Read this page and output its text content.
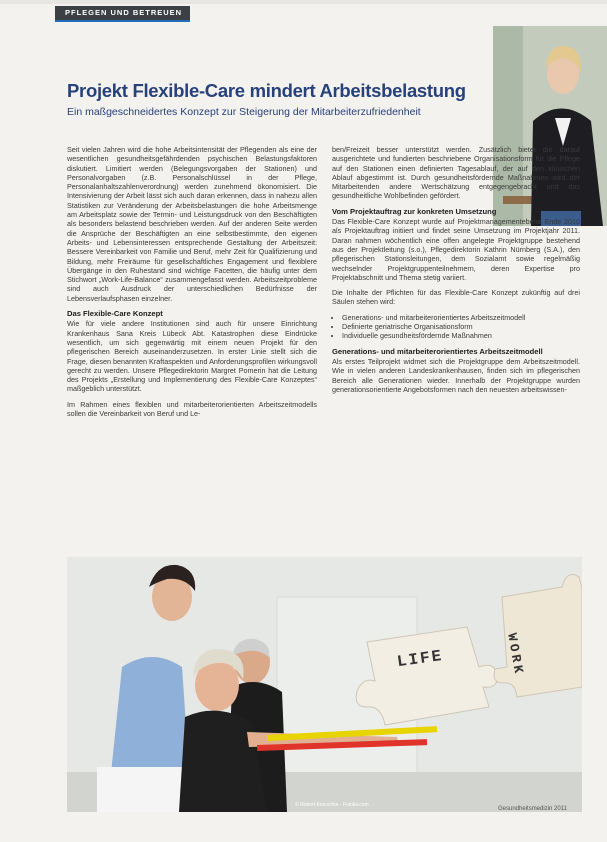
PFLEGEN UND BETREUEN
Projekt Flexible-Care mindert Arbeitsbelastung
Ein maßgeschneidertes Konzept zur Steigerung der Mitarbeiterzufriedenheit

Seit vielen Jahren wird die hohe Arbeitsintensität der Pflegenden als eine der wesentlichen gesundheitsgefährdenden psychischen Belastungsfaktoren diskutiert. Limitiert werden (Belegungsvorgaben der Stationen) und Personalvorgaben (z.B. Personalschlüssel in der Pflege, Personalanhaltszahlenverordnung) werden zunehmend ökonomisiert. Die Intensivierung der Arbeit lässt sich auch daran erkennen, dass in nahezu allen Statistiken zur Veränderung der Arbeitsbelastungen die hohe Arbeitsmenge am Arbeitsplatz sowie der Termin- und Leistungsdruck von den Beschäftigten als besonders belastend beschrieben werden. Auf der anderen Seite werden die Ansprüche der Beschäftigten an eine selbstbestimmte, den eigenen Arbeits- und Lebensinteressen entsprechende Gestaltung der Arbeitszeit: Bessere Vereinbarkeit von Familie und Beruf, mehr Zeit für Qualifizierung und Bildung, mehr Freiräume für gesellschaftliches Engagement und flexiblere Übergänge in den Ruhestand sind wichtige Facetten, die häufig unter dem Stichwort „Work-Life-Balance“ zusammengefasst werden. Arbeitszeitprobleme sind auch Ausdruck der unterschiedlichen Bedürfnisse der Lebensverlaufsphasen einzelner.

Das Flexible-Care Konzept

Wie für viele andere Institutionen sind auch für unsere Einrichtung Krankenhaus Sana Kreis Lübeck Abt. Katastrophen diese Eindrücke wesentlich, um sich gegenwärtig mit einem neuen Projekt für den pflegerischen Bereich auseinanderzusetzen. In erster Linie stellt sich die Frage, diesen benannten Kraftaspekten und Anforderungsprofilen wirkungsvoll gerecht zu werden. Unsere Pflegedirektorin Margret Pomerin hat die Leitung des Projekts „Erstellung und Implementierung des Flexible-Care Konzeptes“ maßgeblich unterstützt.

Im Rahmen eines flexiblen und mitarbeiterorientierten Arbeitszeitmodells sollen die Vereinbarkeit von Beruf und Le-

ben/Freizeit besser unterstützt werden. Zusätzlich bietet die darauf ausgerichtete und fundierten beschriebene Organisationsform für die Pflege auf den Stationen einen definierten Tagesablauf, der auf den klinischen Ablauf abgestimmt ist. Durch gesundheitsfördernde Maßnahmen wird der Mitarbeitenden andere Wertschätzung entgegengebracht und das gesundheitliche Wohlbefinden gefördert.

Vom Projektauftrag zur konkreten Umsetzung

Das Flexible-Care Konzept wurde auf Projektmanagementebene Ende 2010 als Projektauftrag initiiert und findet seine Umsetzung im Projektjahr 2011. Daran nahmen wöchentlich eine offen angelegte Projektgruppe bestehend aus der Projektleitung (s.o.), Pflegedirektorin Kathrin Nürnberg (S.A.), den pflegerischen Stationsleitungen, dem Sozialamt sowie regelmäßig wechselnder Projektgruppenteilnehmern, deren Expertise pro Projektabschnitt und Thema stetig variiert.

Die Inhalte der Pflichten für das Flexible-Care Konzept zukünftig auf drei Säulen stehen wird:

• Generations- und mitarbeiterorientiertes Arbeitszeitmodell
• Definierte geriatrische Organisationsform
• Individuelle gesundheitsfördernde Maßnahmen
Generations- und mitarbeiterorientiertes Arbeitszeitmodell

Als erstes Teilprojekt widmet sich die Projektgruppe dem Arbeitszeitmodell. Wie in vielen anderen Landeskrankenhausen, finden sich im pflegerischen Bereich alle Generationen wieder. Innerhalb der Projektgruppe wurden generationsorientierte Angebotsformen nach den neuesten arbeitswissen-

LIFE	WORK
© Robert Kneschke - Fotolia.com
Gesundheitsmedizin 2011
